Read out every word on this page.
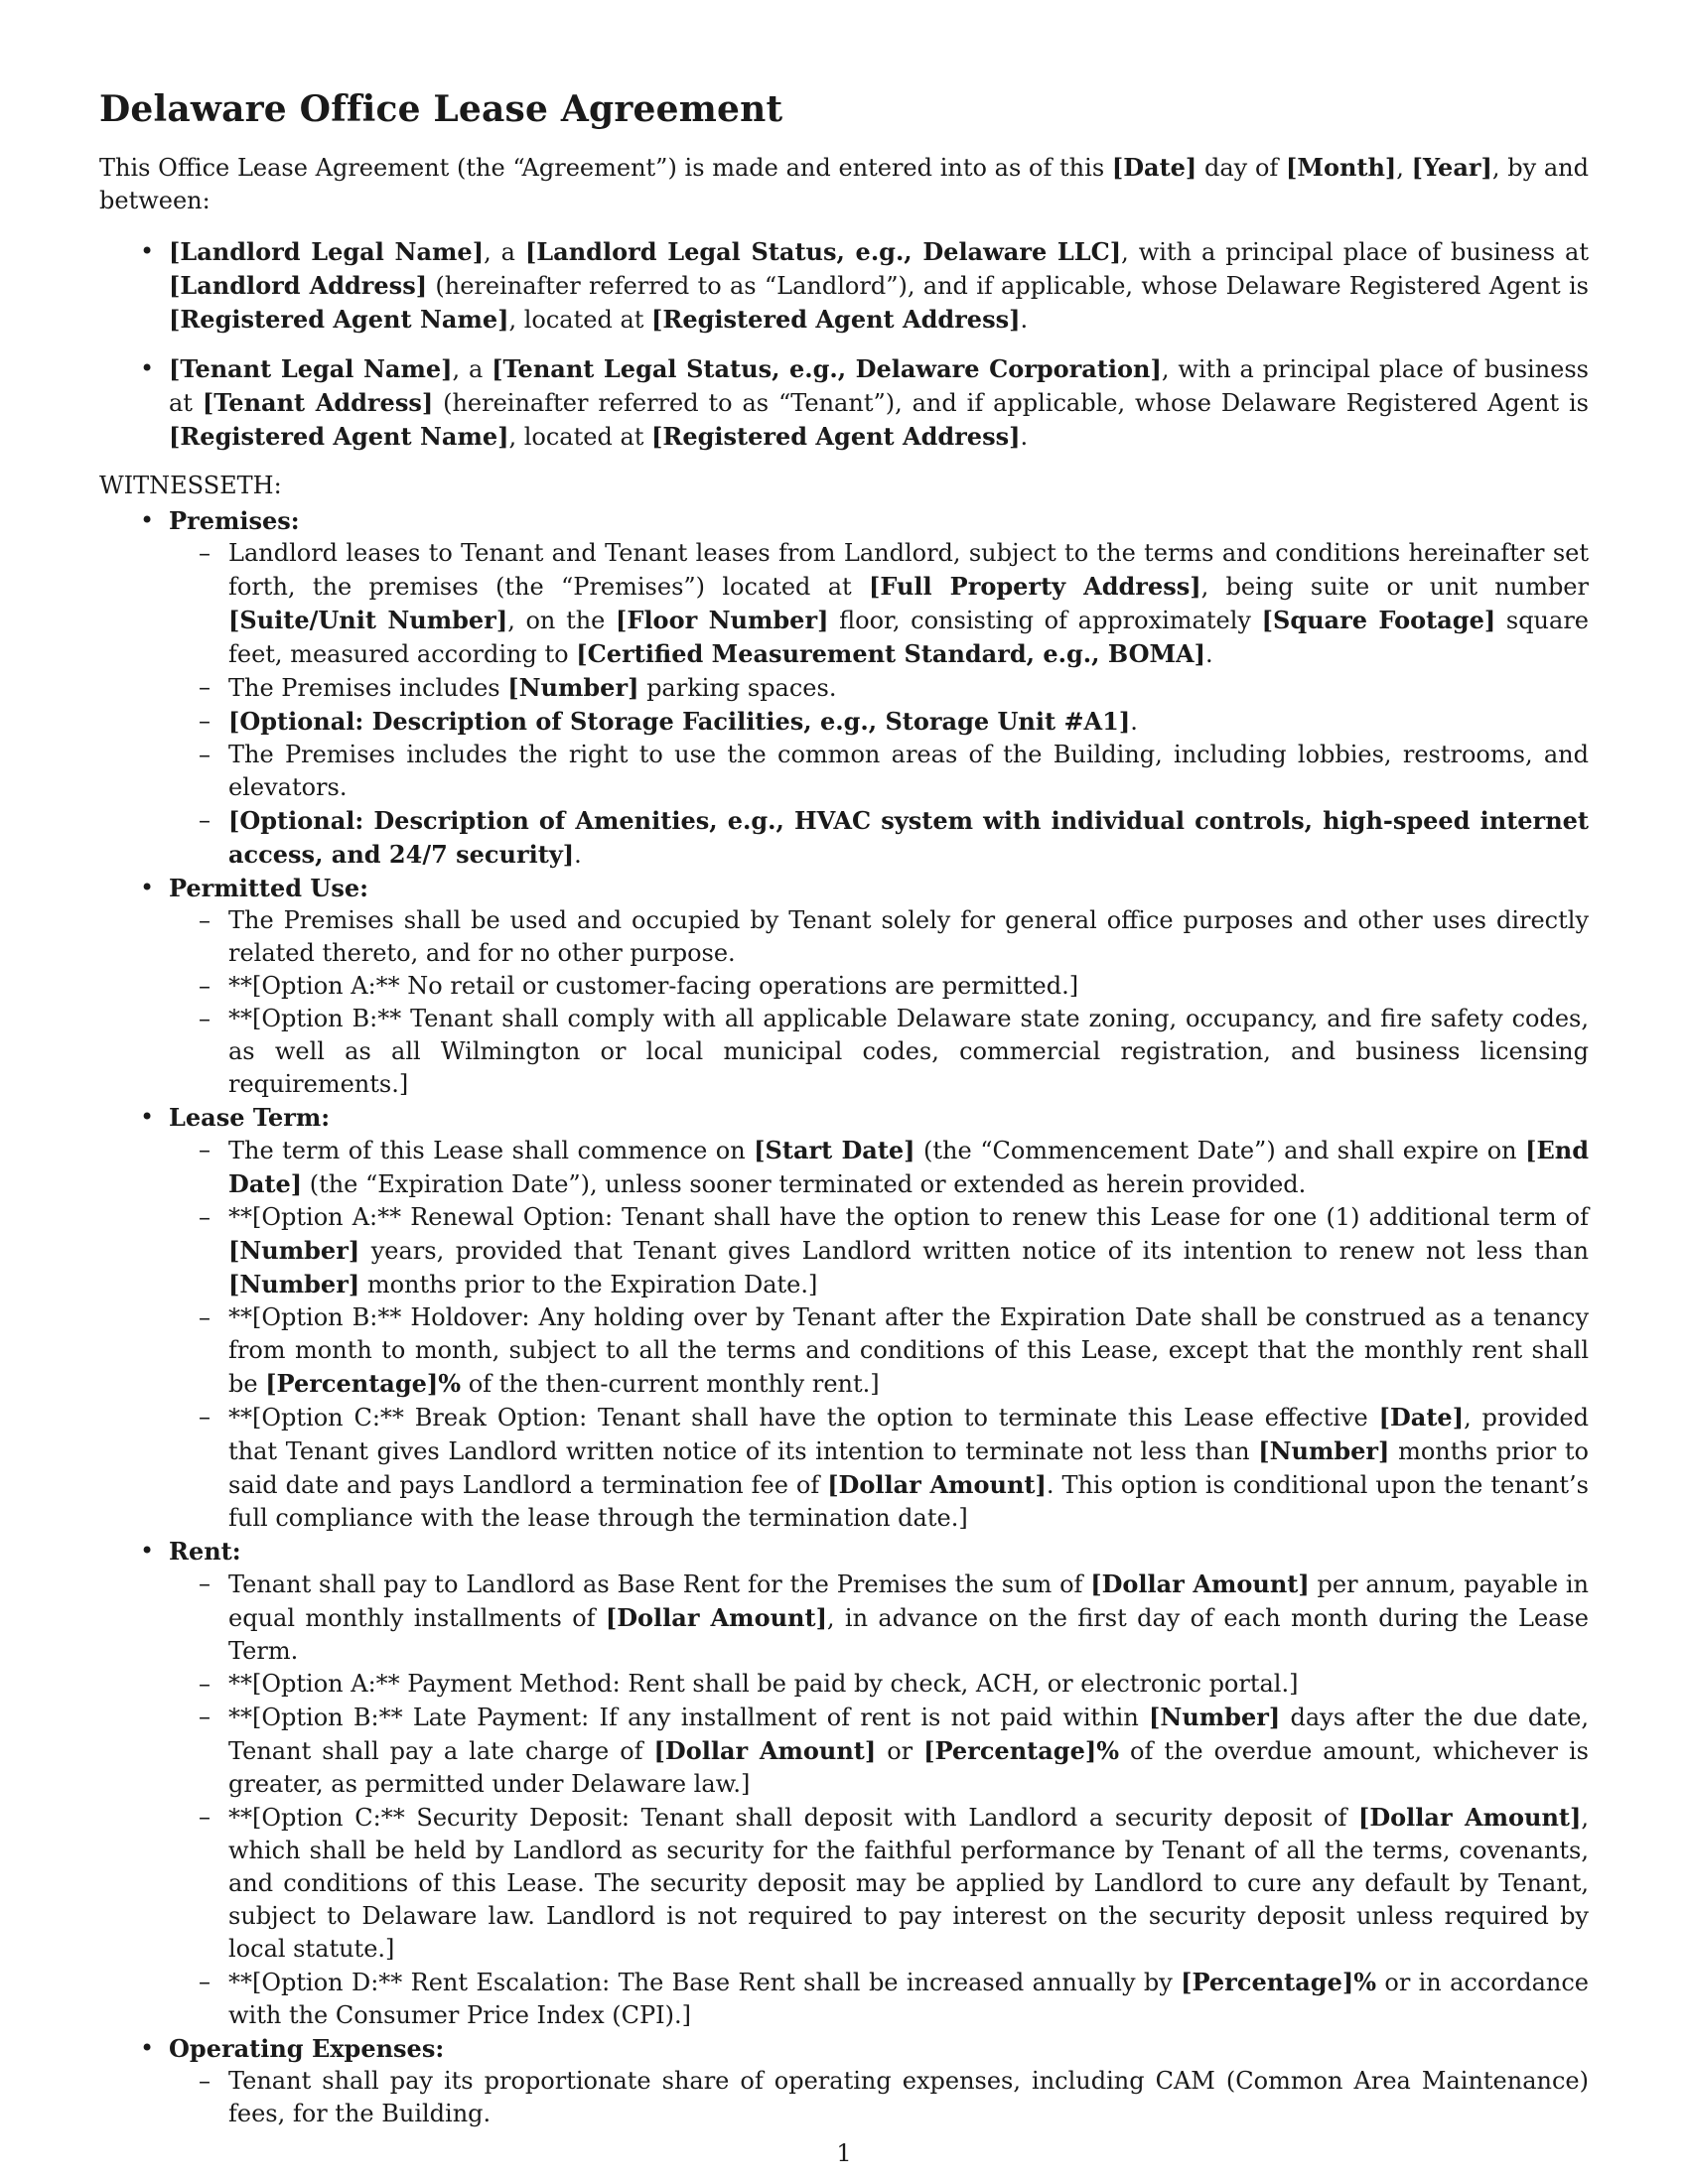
Delaware Office Lease Agreement

This Office Lease Agreement (the “Agreement”) is made and entered into as of this [Date] day of [Month], [Year], by and between:

• [Landlord Legal Name], a [Landlord Legal Status, e.g., Delaware LLC], with a principal place of business at [Landlord Address] (hereinafter referred to as “Landlord”), and if applicable, whose Delaware Registered Agent is [Registered Agent Name], located at [Registered Agent Address].
• [Tenant Legal Name], a [Tenant Legal Status, e.g., Delaware Corporation], with a principal place of business at [Tenant Address] (hereinafter referred to as “Tenant”), and if applicable, whose Delaware Registered Agent is [Registered Agent Name], located at [Registered Agent Address].

WITNESSETH:

• Premises:
– Landlord leases to Tenant and Tenant leases from Landlord, subject to the terms and conditions hereinafter set forth, the premises (the “Premises”) located at [Full Property Address], being suite or unit number [Suite/Unit Number], on the [Floor Number] floor, consisting of approximately [Square Footage] square feet, measured according to [Certified Measurement Standard, e.g., BOMA].
– The Premises includes [Number] parking spaces.
– [Optional: Description of Storage Facilities, e.g., Storage Unit #A1].
– The Premises includes the right to use the common areas of the Building, including lobbies, restrooms, and elevators.
– [Optional: Description of Amenities, e.g., HVAC system with individual controls, high-speed internet access, and 24/7 security].
• Permitted Use:
– The Premises shall be used and occupied by Tenant solely for general office purposes and other uses directly related thereto, and for no other purpose.
– **[Option A:** No retail or customer-facing operations are permitted.]
– **[Option B:** Tenant shall comply with all applicable Delaware state zoning, occupancy, and fire safety codes, as well as all Wilmington or local municipal codes, commercial registration, and business licensing requirements.]
• Lease Term:
– The term of this Lease shall commence on [Start Date] (the “Commencement Date”) and shall expire on [End Date] (the “Expiration Date”), unless sooner terminated or extended as herein provided.
– **[Option A:** Renewal Option: Tenant shall have the option to renew this Lease for one (1) additional term of [Number] years, provided that Tenant gives Landlord written notice of its intention to renew not less than [Number] months prior to the Expiration Date.]
– **[Option B:** Holdover: Any holding over by Tenant after the Expiration Date shall be construed as a tenancy from month to month, subject to all the terms and conditions of this Lease, except that the monthly rent shall be [Percentage]% of the then-current monthly rent.]
– **[Option C:** Break Option: Tenant shall have the option to terminate this Lease effective [Date], provided that Tenant gives Landlord written notice of its intention to terminate not less than [Number] months prior to said date and pays Landlord a termination fee of [Dollar Amount]. This option is conditional upon the tenant’s full compliance with the lease through the termination date.]
• Rent:
– Tenant shall pay to Landlord as Base Rent for the Premises the sum of [Dollar Amount] per annum, payable in equal monthly installments of [Dollar Amount], in advance on the first day of each month during the Lease Term.
– **[Option A:** Payment Method: Rent shall be paid by check, ACH, or electronic portal.]
– **[Option B:** Late Payment: If any installment of rent is not paid within [Number] days after the due date, Tenant shall pay a late charge of [Dollar Amount] or [Percentage]% of the overdue amount, whichever is greater, as permitted under Delaware law.]
– **[Option C:** Security Deposit: Tenant shall deposit with Landlord a security deposit of [Dollar Amount], which shall be held by Landlord as security for the faithful performance by Tenant of all the terms, covenants, and conditions of this Lease. The security deposit may be applied by Landlord to cure any default by Tenant, subject to Delaware law. Landlord is not required to pay interest on the security deposit unless required by local statute.]
– **[Option D:** Rent Escalation: The Base Rent shall be increased annually by [Percentage]% or in accordance with the Consumer Price Index (CPI).]
• Operating Expenses:
– Tenant shall pay its proportionate share of operating expenses, including CAM (Common Area Maintenance) fees, for the Building.
1
